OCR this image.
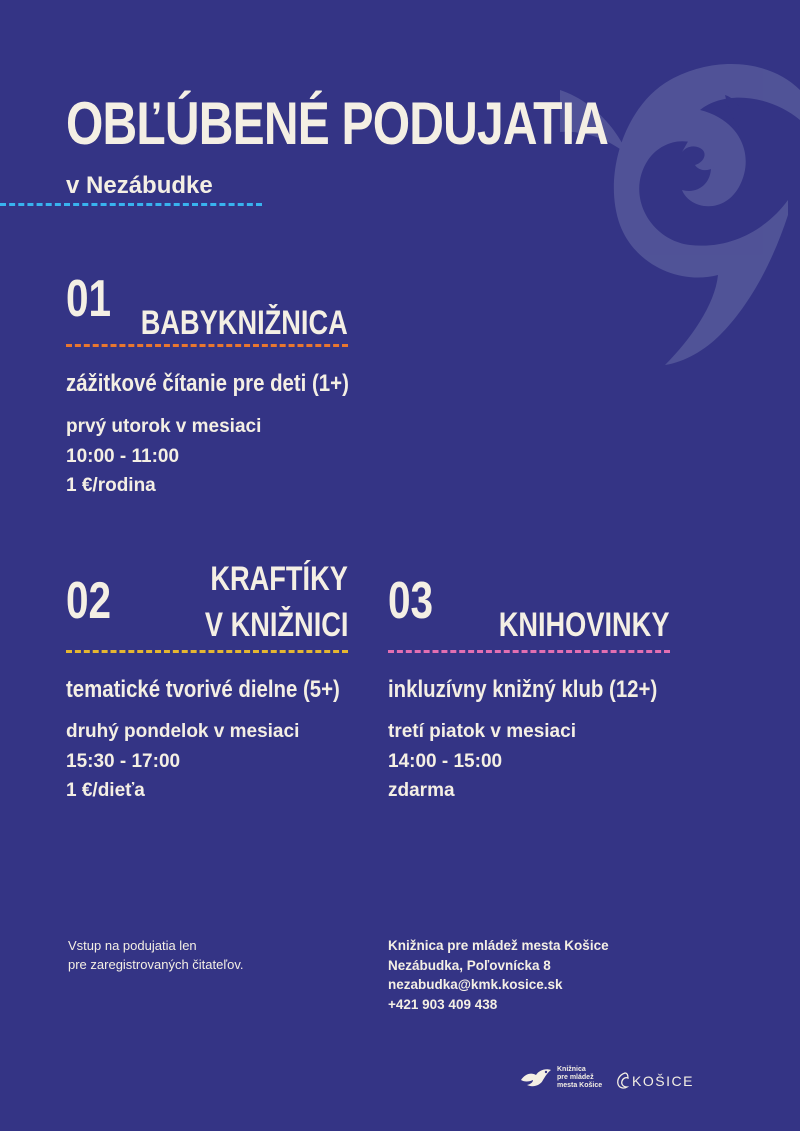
OBĽÚBENÉ PODUJATIA
v Nezábudke
01 BABYKNIŽNICA
zážitkové čítanie pre deti (1+)
prvý utorok v mesiaci
10:00 - 11:00
1 €/rodina
02	KRAFTÍKY
V KNIŽNICI
tematické tvorivé dielne (5+)
druhý pondelok v mesiaci
15:30 - 17:00
1 €/dieťa
03 KNIHOVINKY
inkluzívny knižný klub (12+)
tretí piatok v mesiaci
14:00 - 15:00
zdarma
Vstup na podujatia len
pre zaregistrovaných čitateľov.
Knižnica pre mládež mesta Košice
Nezábudka, Poľovnícka 8
nezabudka@kmk.kosice.sk
+421 903 409 438
Knižnica
pre mládež
mesta Košice KOŠICE
